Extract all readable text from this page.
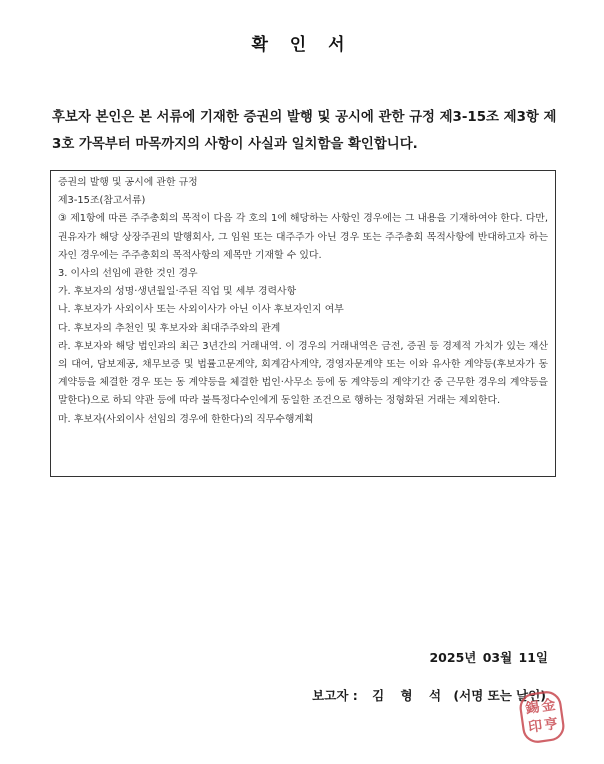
확 인 서
후보자 본인은 본 서류에 기재한 증권의 발행 및 공시에 관한 규정 제3-15조 제3항 제3호 가목부터 마목까지의 사항이 사실과 일치함을 확인합니다.
증권의 발행 및 공시에 관한 규정
제3-15조(참고서류)
③ 제1항에 따른 주주총회의 목적이 다음 각 호의 1에 해당하는 사항인 경우에는 그 내용을 기재하여야 한다. 다만, 권유자가 해당 상장주권의 발행회사, 그 임원 또는 대주주가 아닌 경우 또는 주주총회 목적사항에 반대하고자 하는 자인 경우에는 주주총회의 목적사항의 제목만 기재할 수 있다.
3. 이사의 선임에 관한 것인 경우
가. 후보자의 성명·생년월일·주된 직업 및 세부 경력사항
나. 후보자가 사외이사 또는 사외이사가 아닌 이사 후보자인지 여부
다. 후보자의 추천인 및 후보자와 최대주주와의 관계
라. 후보자와 해당 법인과의 최근 3년간의 거래내역. 이 경우의 거래내역은 금전, 증권 등 경제적 가치가 있는 재산의 대여, 담보제공, 채무보증 및 법률고문계약, 회계감사계약, 경영자문계약 또는 이와 유사한 계약등(후보자가 동 계약등을 체결한 경우 또는 동 계약등을 체결한 법인·사무소 등에 동 계약등의 계약기간 중 근무한 경우의 계약등을 말한다)으로 하되 약관 등에 따라 불특정다수인에게 동일한 조건으로 행하는 정형화된 거래는 제외한다.
마. 후보자(사외이사 선임의 경우에 한한다)의 직무수행계획
2025년 03월 11일
보고자 : 김 형 석 (서명 또는 날인)
金
亨
錫
印
